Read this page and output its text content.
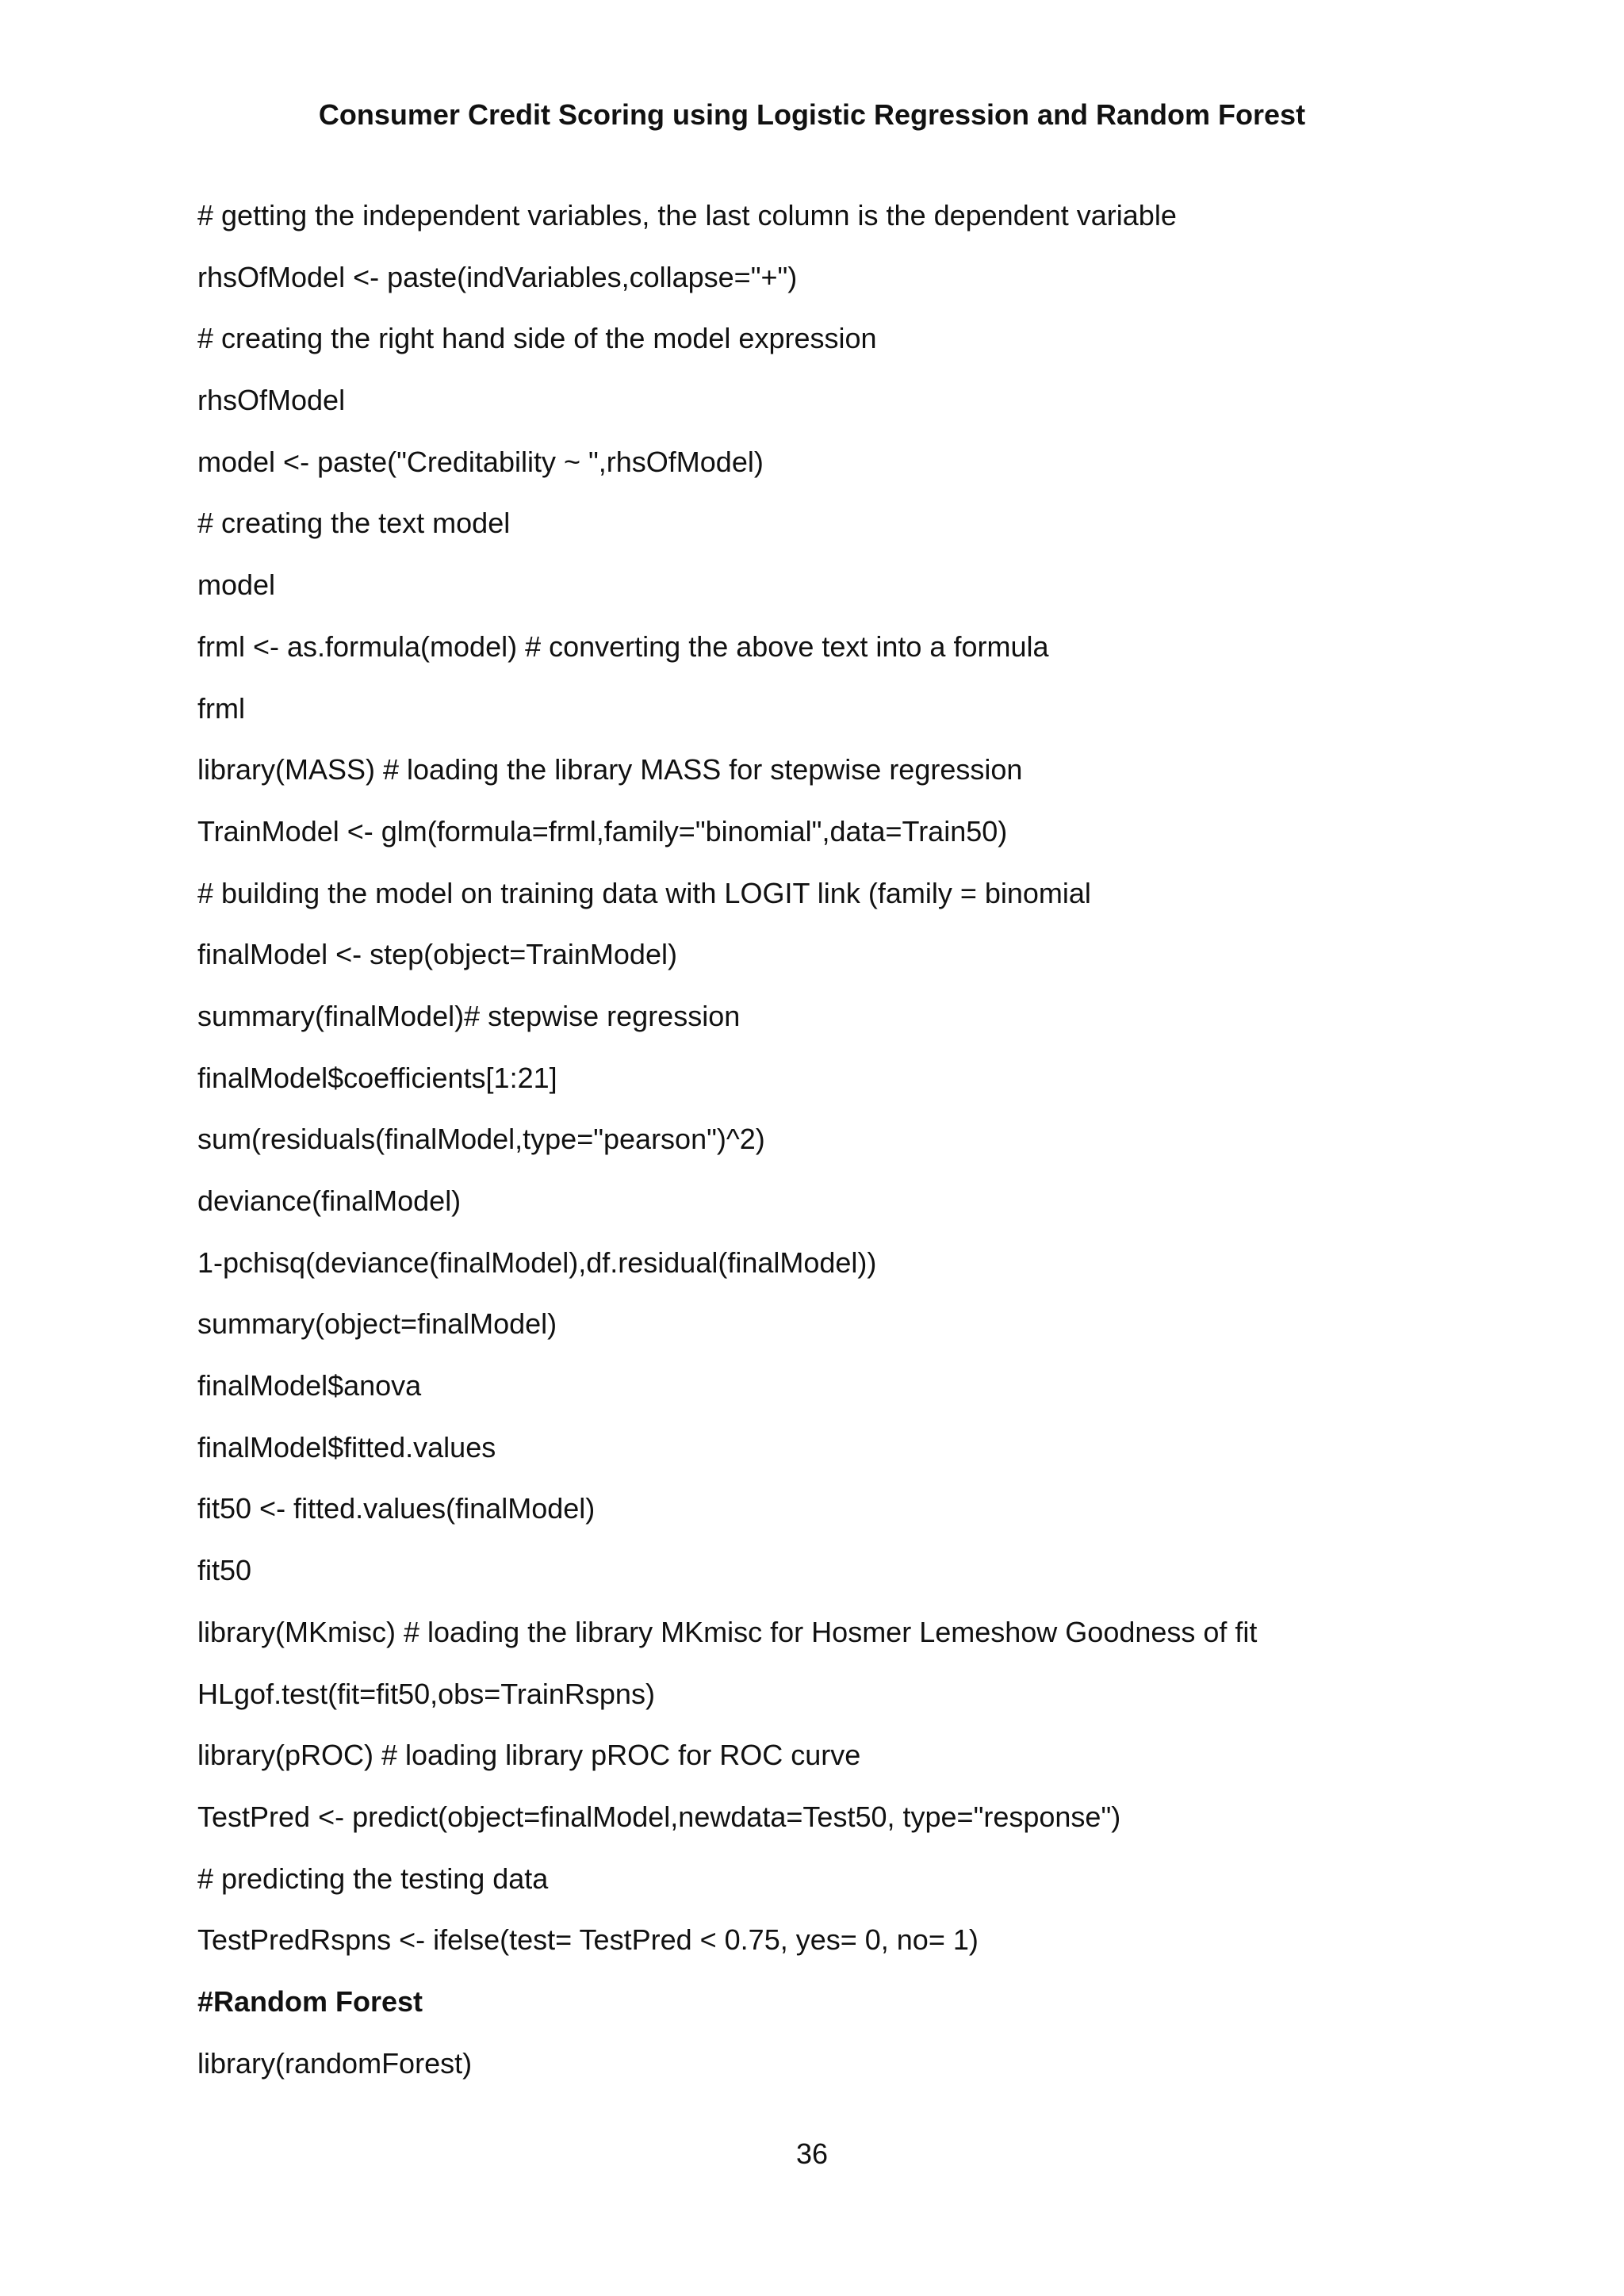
Consumer Credit Scoring using Logistic Regression and Random Forest
# getting the independent variables, the last column is the dependent variable
rhsOfModel <- paste(indVariables,collapse="+")
# creating the right hand side of the model expression
rhsOfModel
model <- paste("Creditability ~ ",rhsOfModel)
# creating the text model
model
frml <- as.formula(model) # converting the above text into a formula
frml
library(MASS) # loading the library MASS for stepwise regression
TrainModel <- glm(formula=frml,family="binomial",data=Train50)
# building the model on training data with LOGIT link (family = binomial
finalModel <- step(object=TrainModel)
summary(finalModel)# stepwise regression
finalModel$coefficients[1:21]
sum(residuals(finalModel,type="pearson")^2)
deviance(finalModel)
1-pchisq(deviance(finalModel),df.residual(finalModel))
summary(object=finalModel)
finalModel$anova
finalModel$fitted.values
fit50 <- fitted.values(finalModel)
fit50
library(MKmisc) # loading the library MKmisc for Hosmer Lemeshow Goodness of fit
HLgof.test(fit=fit50,obs=TrainRspns)
library(pROC) # loading library pROC for ROC curve
TestPred <- predict(object=finalModel,newdata=Test50, type="response")
# predicting the testing data
TestPredRspns <- ifelse(test= TestPred < 0.75, yes= 0, no= 1)
#Random Forest
library(randomForest)
36
